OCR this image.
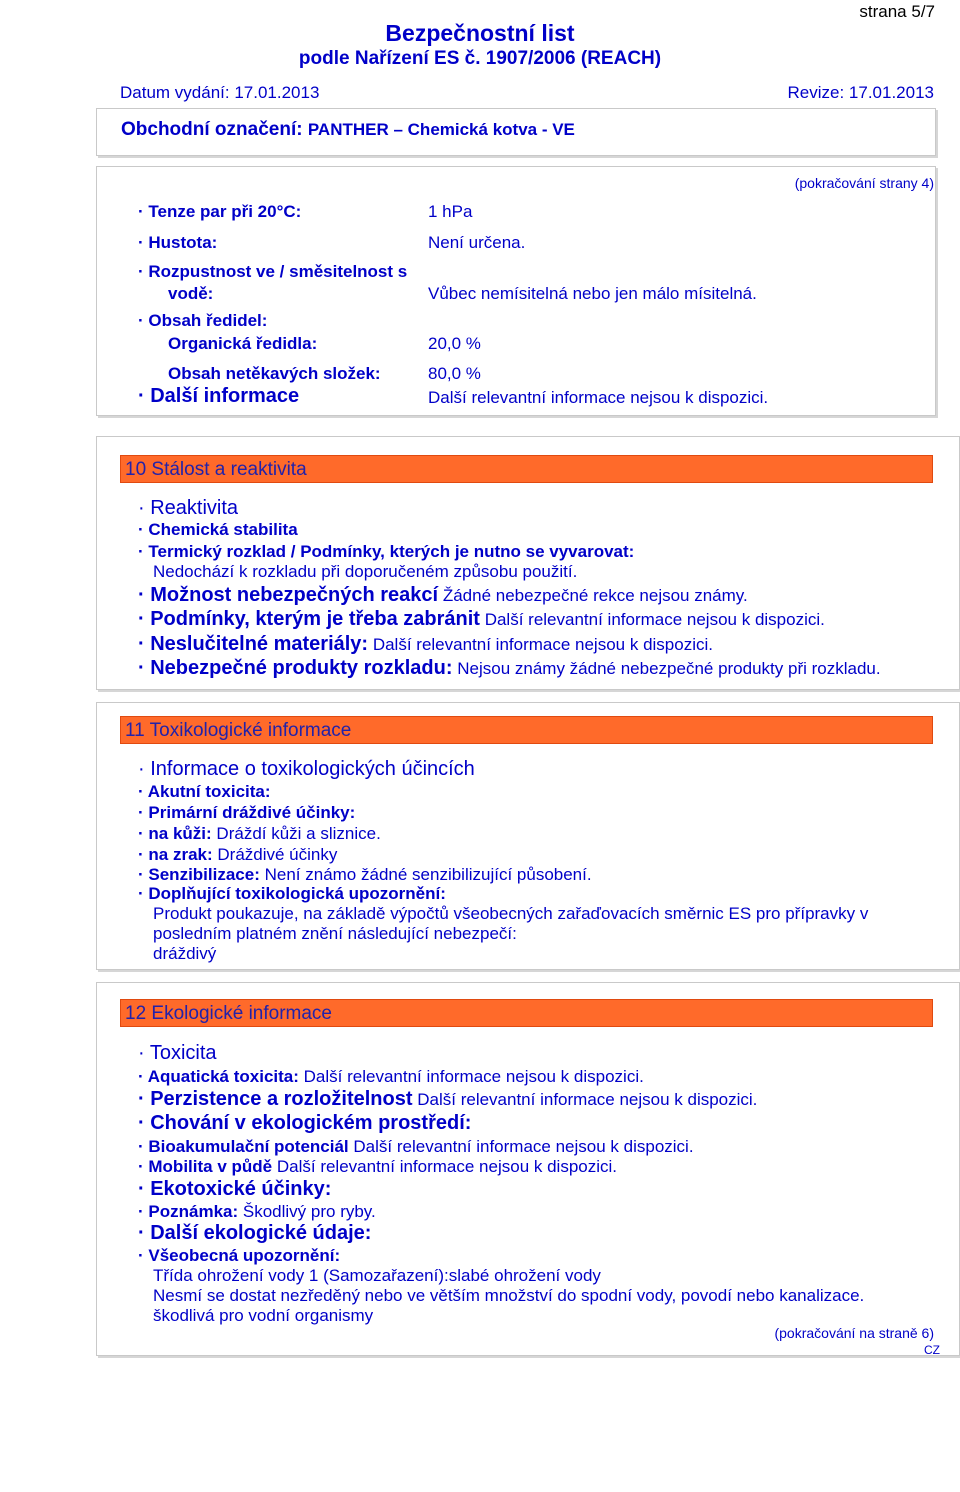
strana 5/7
Bezpečnostní list
podle Nařízení ES č. 1907/2006 (REACH)
Datum vydání: 17.01.2013	Revize: 17.01.2013
Obchodní označení: PANTHER – Chemická kotva - VE
(pokračování strany 4)
· Tenze par při 20°C:	1 hPa
· Hustota:	Není určena.
· Rozpustnost ve / směsitelnost s
vodě:	Vůbec nemísitelná nebo jen málo mísitelná.
· Obsah ředidel:
Organická ředidla:	20,0 %
Obsah netěkavých složek:	80,0 %
· Další informace	Další relevantní informace nejsou k dispozici.
10 Stálost a reaktivita
· Reaktivita
· Chemická stabilita
· Termický rozklad / Podmínky, kterých je nutno se vyvarovat:
Nedochází k rozkladu při doporučeném způsobu použití.
· Možnost nebezpečných reakcí Žádné nebezpečné rekce nejsou známy.
· Podmínky, kterým je třeba zabránit Další relevantní informace nejsou k dispozici.
· Neslučitelné materiály: Další relevantní informace nejsou k dispozici.
· Nebezpečné produkty rozkladu: Nejsou známy žádné nebezpečné produkty při rozkladu.
11 Toxikologické informace
· Informace o toxikologických účincích
· Akutní toxicita:
· Primární dráždivé účinky:
· na kůži: Dráždí kůži a sliznice.
· na zrak: Dráždivé účinky
· Senzibilizace: Není známo žádné senzibilizující působení.
· Doplňující toxikologická upozornění:
Produkt poukazuje, na základě výpočtů všeobecných zařaďovacích směrnic ES pro přípravky v
posledním platném znění následující nebezpečí:
dráždivý
12 Ekologické informace
· Toxicita
· Aquatická toxicita: Další relevantní informace nejsou k dispozici.
· Perzistence a rozložitelnost Další relevantní informace nejsou k dispozici.
· Chování v ekologickém prostředí:
· Bioakumulační potenciál Další relevantní informace nejsou k dispozici.
· Mobilita v půdě Další relevantní informace nejsou k dispozici.
· Ekotoxické účinky:
· Poznámka: Škodlivý pro ryby.
· Další ekologické údaje:
· Všeobecná upozornění:
Třída ohrožení vody 1 (Samozařazení):slabé ohrožení vody
Nesmí se dostat nezředěný nebo ve větším množství do spodní vody, povodí nebo kanalizace.
škodlivá pro vodní organismy
(pokračování na straně 6)
CZ
